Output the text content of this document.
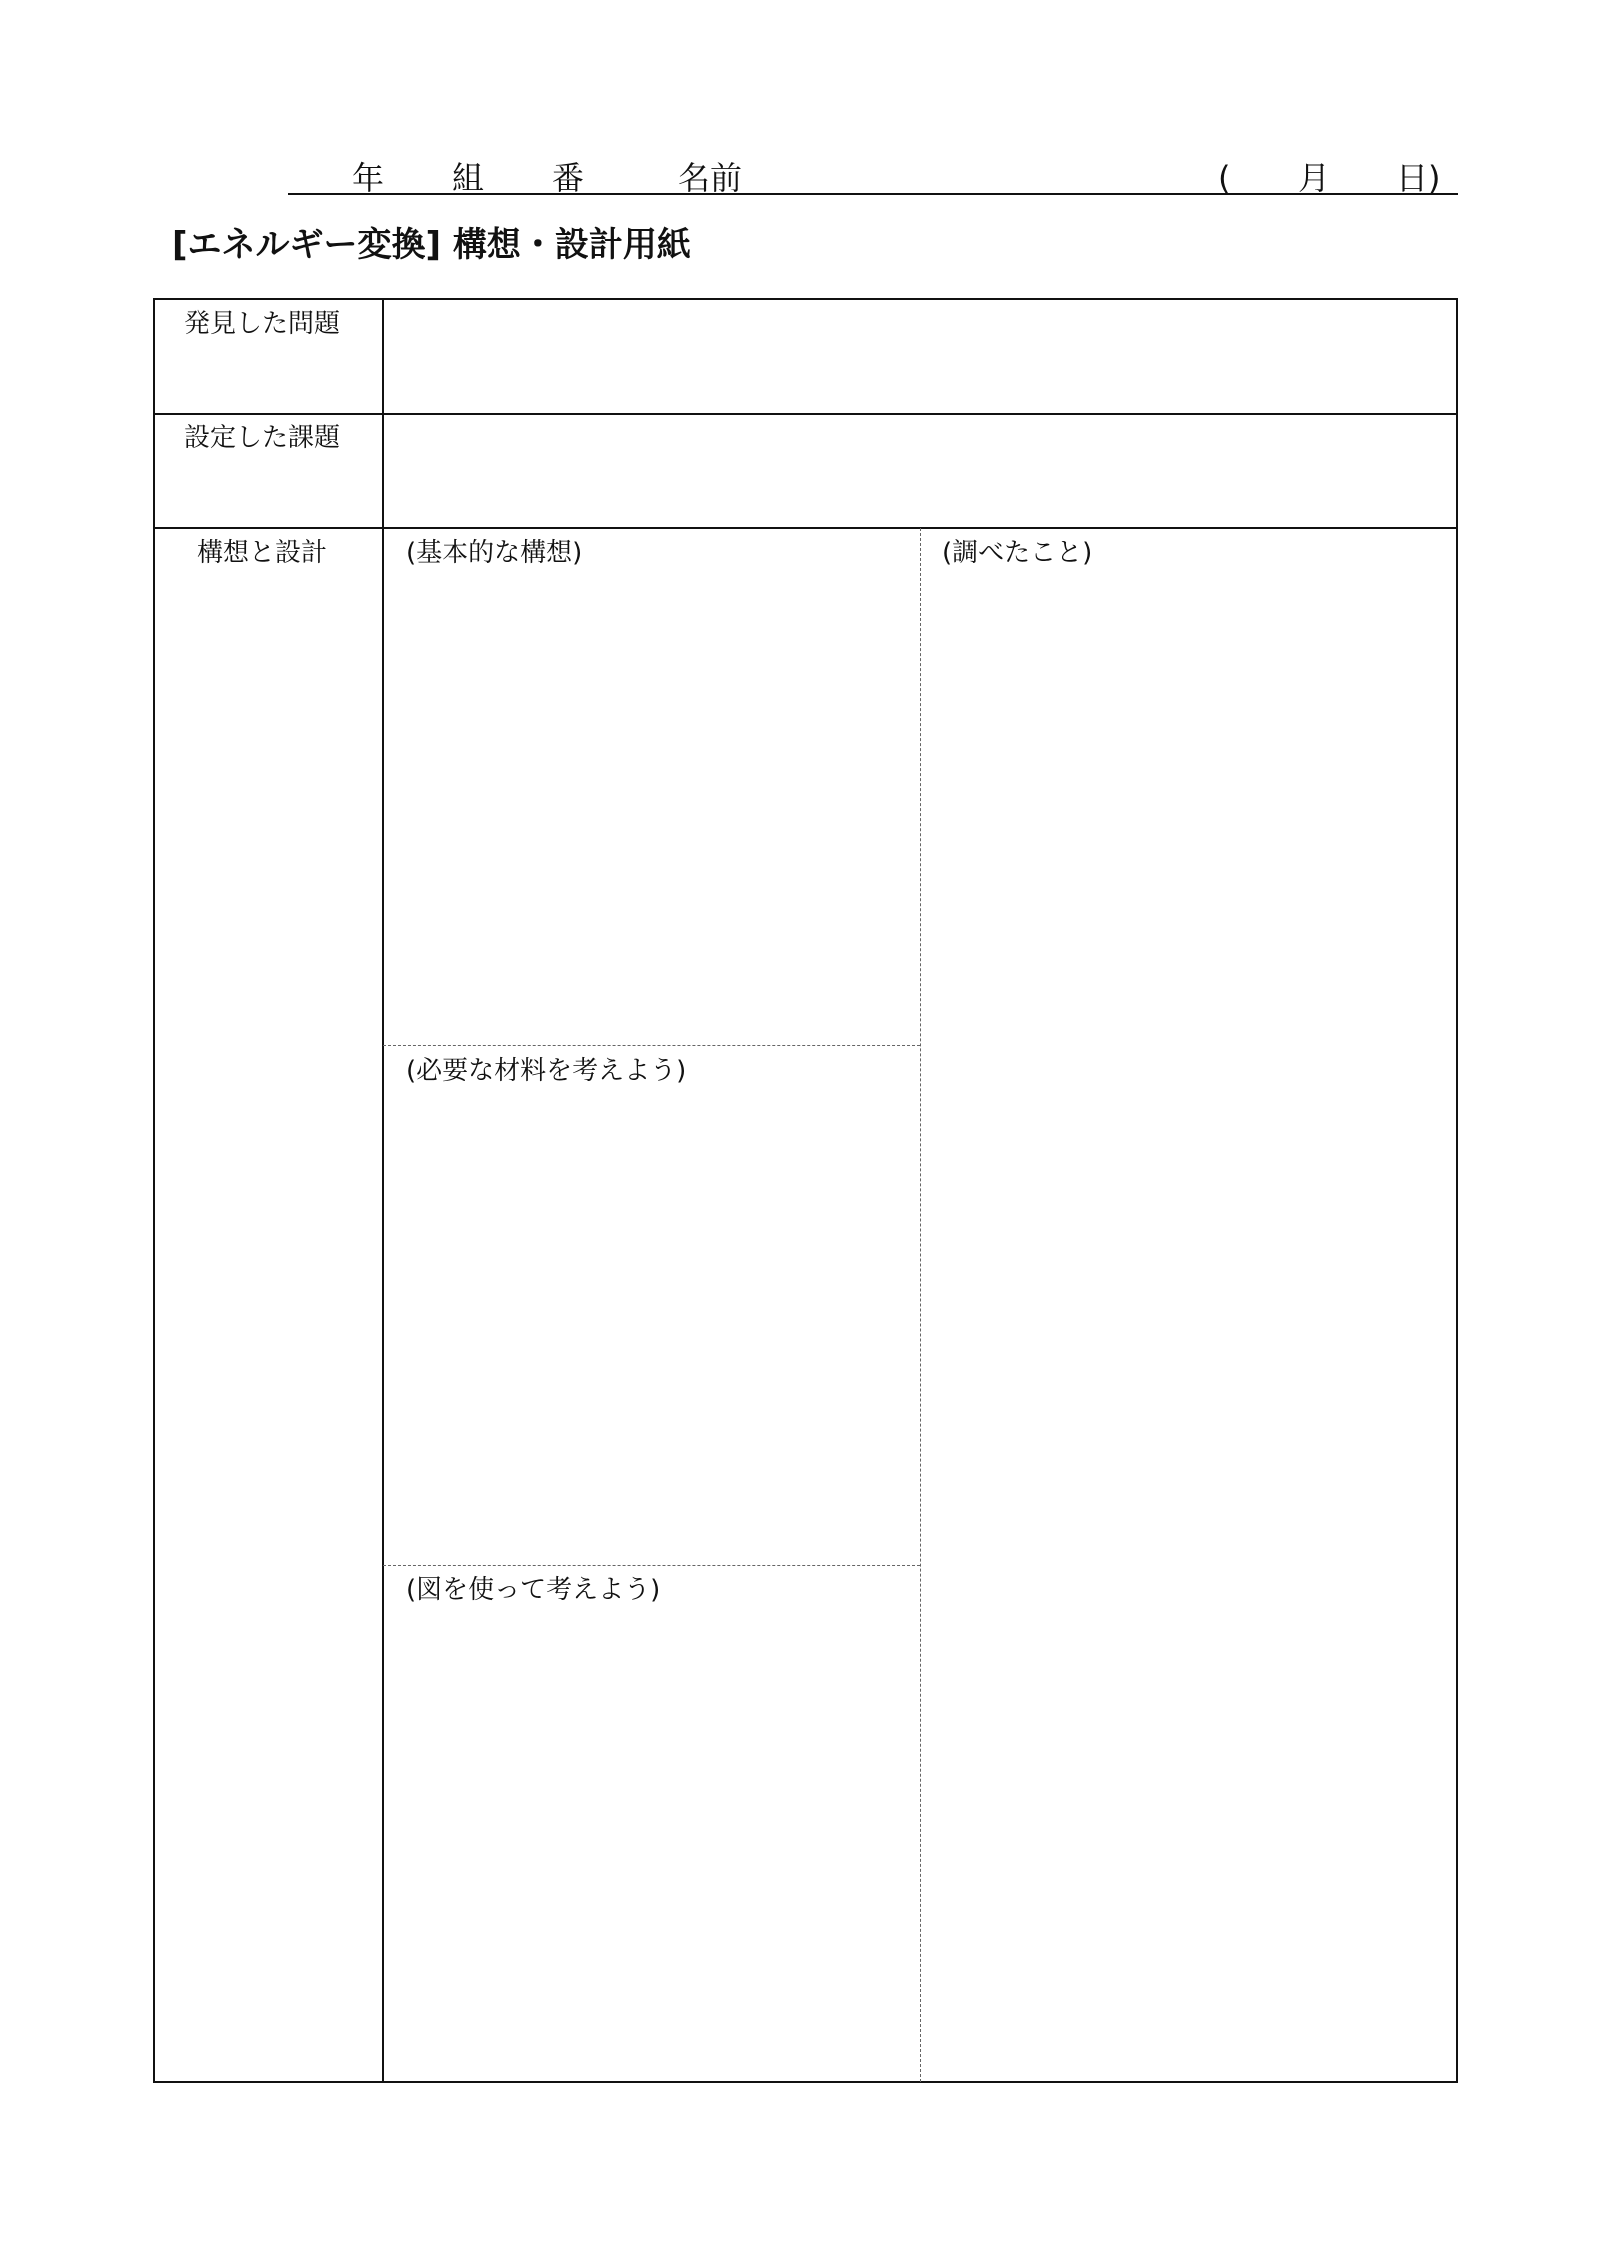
年 組 番	名前	( 月 日)
[エネルギー変換] 構想・設計用紙
発見した問題
設定した課題
構想と設計	(基本的な構想)	(調べたこと)
(必要な材料を考えよう)
(図を使って考えよう)
